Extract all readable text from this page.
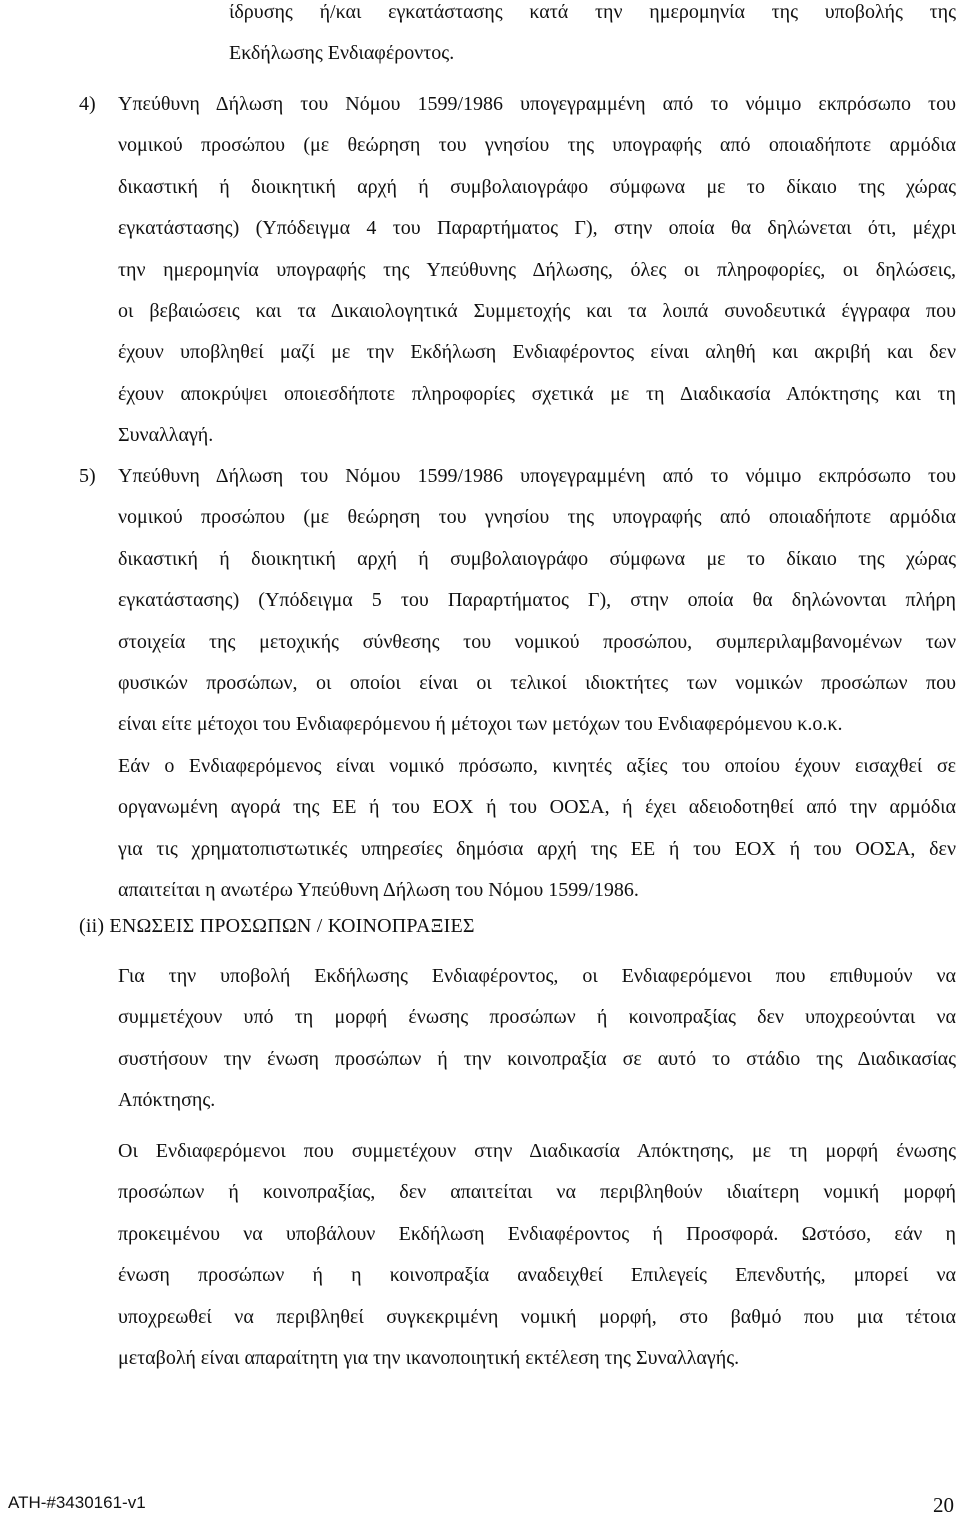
ίδρυσης ή/και εγκατάστασης κατά την ημερομηνία της υποβολής της
Εκδήλωσης Ενδιαφέροντος.
4) Υπεύθυνη Δήλωση του Νόμου 1599/1986 υπογεγραμμένη από το νόμιμο εκπρόσωπο του
νομικού προσώπου (με θεώρηση του γνησίου της υπογραφής από οποιαδήποτε αρμόδια
δικαστική ή διοικητική αρχή ή συμβολαιογράφο σύμφωνα με το δίκαιο της χώρας
εγκατάστασης) (Υπόδειγμα 4 του Παραρτήματος Γ), στην οποία θα δηλώνεται ότι, μέχρι
την ημερομηνία υπογραφής της Υπεύθυνης Δήλωσης, όλες οι πληροφορίες, οι δηλώσεις,
οι βεβαιώσεις και τα Δικαιολογητικά Συμμετοχής και τα λοιπά συνοδευτικά έγγραφα που
έχουν υποβληθεί μαζί με την Εκδήλωση Ενδιαφέροντος είναι αληθή και ακριβή και δεν
έχουν αποκρύψει οποιεσδήποτε πληροφορίες σχετικά με τη Διαδικασία Απόκτησης και τη
Συναλλαγή.
5) Υπεύθυνη Δήλωση του Νόμου 1599/1986 υπογεγραμμένη από το νόμιμο εκπρόσωπο του
νομικού προσώπου (με θεώρηση του γνησίου της υπογραφής από οποιαδήποτε αρμόδια
δικαστική ή διοικητική αρχή ή συμβολαιογράφο σύμφωνα με το δίκαιο της χώρας
εγκατάστασης) (Υπόδειγμα 5 του Παραρτήματος Γ), στην οποία θα δηλώνονται πλήρη
στοιχεία της μετοχικής σύνθεσης του νομικού προσώπου, συμπεριλαμβανομένων των
φυσικών προσώπων, οι οποίοι είναι οι τελικοί ιδιοκτήτες των νομικών προσώπων που
είναι είτε μέτοχοι του Ενδιαφερόμενου ή μέτοχοι των μετόχων του Ενδιαφερόμενου κ.ο.κ.
Εάν ο Ενδιαφερόμενος είναι νομικό πρόσωπο, κινητές αξίες του οποίου έχουν εισαχθεί σε
οργανωμένη αγορά της ΕΕ ή του ΕΟΧ ή του ΟΟΣΑ, ή έχει αδειοδοτηθεί από την αρμόδια
για τις χρηματοπιστωτικές υπηρεσίες δημόσια αρχή της ΕΕ ή του ΕΟΧ ή του ΟΟΣΑ, δεν
απαιτείται η ανωτέρω Υπεύθυνη Δήλωση του Νόμου 1599/1986.
(ii) ΕΝΩΣΕΙΣ ΠΡΟΣΩΠΩΝ / ΚΟΙΝΟΠΡΑΞΙΕΣ
Για την υποβολή Εκδήλωσης Ενδιαφέροντος, οι Ενδιαφερόμενοι που επιθυμούν να
συμμετέχουν υπό τη μορφή ένωσης προσώπων ή κοινοπραξίας δεν υποχρεούνται να
συστήσουν την ένωση προσώπων ή την κοινοπραξία σε αυτό το στάδιο της Διαδικασίας
Απόκτησης.
Οι Ενδιαφερόμενοι που συμμετέχουν στην Διαδικασία Απόκτησης, με τη μορφή ένωσης
προσώπων ή κοινοπραξίας, δεν απαιτείται να περιβληθούν ιδιαίτερη νομική μορφή
προκειμένου να υποβάλουν Εκδήλωση Ενδιαφέροντος ή Προσφορά. Ωστόσο, εάν η
ένωση προσώπων ή η κοινοπραξία αναδειχθεί Επιλεγείς Επενδυτής, μπορεί να
υποχρεωθεί να περιβληθεί συγκεκριμένη νομική μορφή, στο βαθμό που μια τέτοια
μεταβολή είναι απαραίτητη για την ικανοποιητική εκτέλεση της Συναλλαγής.
ATH-#3430161-v1	20
